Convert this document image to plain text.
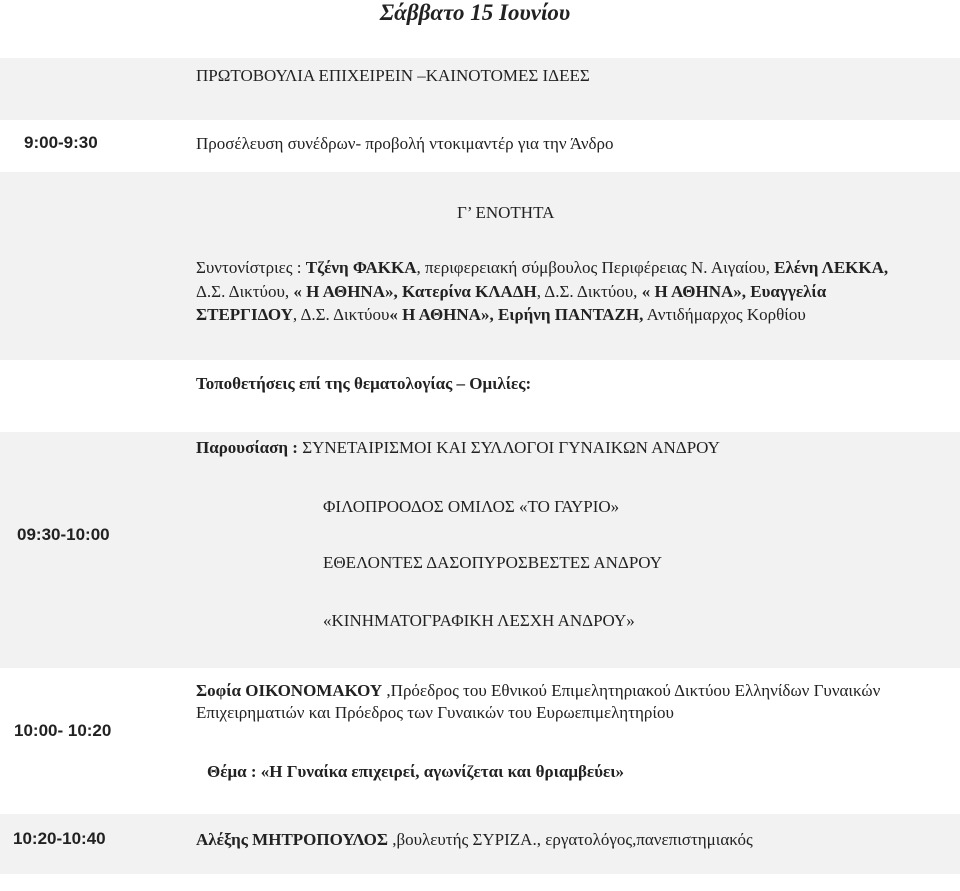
Σάββατο 15 Ιουνίου
ΠΡΩΤΟΒΟΥΛΙΑ ΕΠΙΧΕΙΡΕΙΝ –ΚΑΙΝΟΤΟΜΕΣ ΙΔΕΕΣ
9:00-9:30	Προσέλευση συνέδρων- προβολή ντοκιμαντέρ για την Άνδρο
Γ’ ΕΝΟΤΗΤΑ
Συντονίστριες : Τζένη ΦΑΚΚΑ, περιφερειακή σύμβουλος Περιφέρειας Ν. Αιγαίου, Ελένη ΛΕΚΚΑ,
Δ.Σ. Δικτύου, « Η ΑΘΗΝΑ», Κατερίνα ΚΛΑΔΗ, Δ.Σ. Δικτύου, « Η ΑΘΗΝΑ», Ευαγγελία
ΣΤΕΡΓΙΔΟΥ, Δ.Σ. Δικτύου« Η ΑΘΗΝΑ», Ειρήνη ΠΑΝΤΑΖΗ, Αντιδήμαρχος Κορθίου
Τοποθετήσεις επί της θεματολογίας – Ομιλίες:
Παρουσίαση : ΣΥΝΕΤΑΙΡΙΣΜΟΙ ΚΑΙ ΣΥΛΛΟΓΟΙ ΓΥΝΑΙΚΩΝ ΑΝΔΡΟΥ
09:30-10:00
ΦΙΛΟΠΡΟΟΔΟΣ ΟΜΙΛΟΣ «ΤΟ ΓΑΥΡΙΟ»
ΕΘΕΛΟΝΤΕΣ ΔΑΣΟΠΥΡΟΣΒΕΣΤΕΣ ΑΝΔΡΟΥ
«ΚΙΝΗΜΑΤΟΓΡΑΦΙΚΗ ΛΕΣΧΗ ΑΝΔΡΟΥ»
10:00- 10:20
Σοφία ΟΙΚΟΝΟΜΑΚΟΥ ,Πρόεδρος του Εθνικού Επιμελητηριακού Δικτύου Ελληνίδων Γυναικών Επιχειρηματιών και Πρόεδρος των Γυναικών του Ευρωεπιμελητηρίου
Θέμα : «Η Γυναίκα επιχειρεί, αγωνίζεται και θριαμβεύει»
10:20-10:40	Αλέξης ΜΗΤΡΟΠΟΥΛΟΣ ,βουλευτής ΣΥΡΙΖΑ., εργατολόγος,πανεπιστημιακός
